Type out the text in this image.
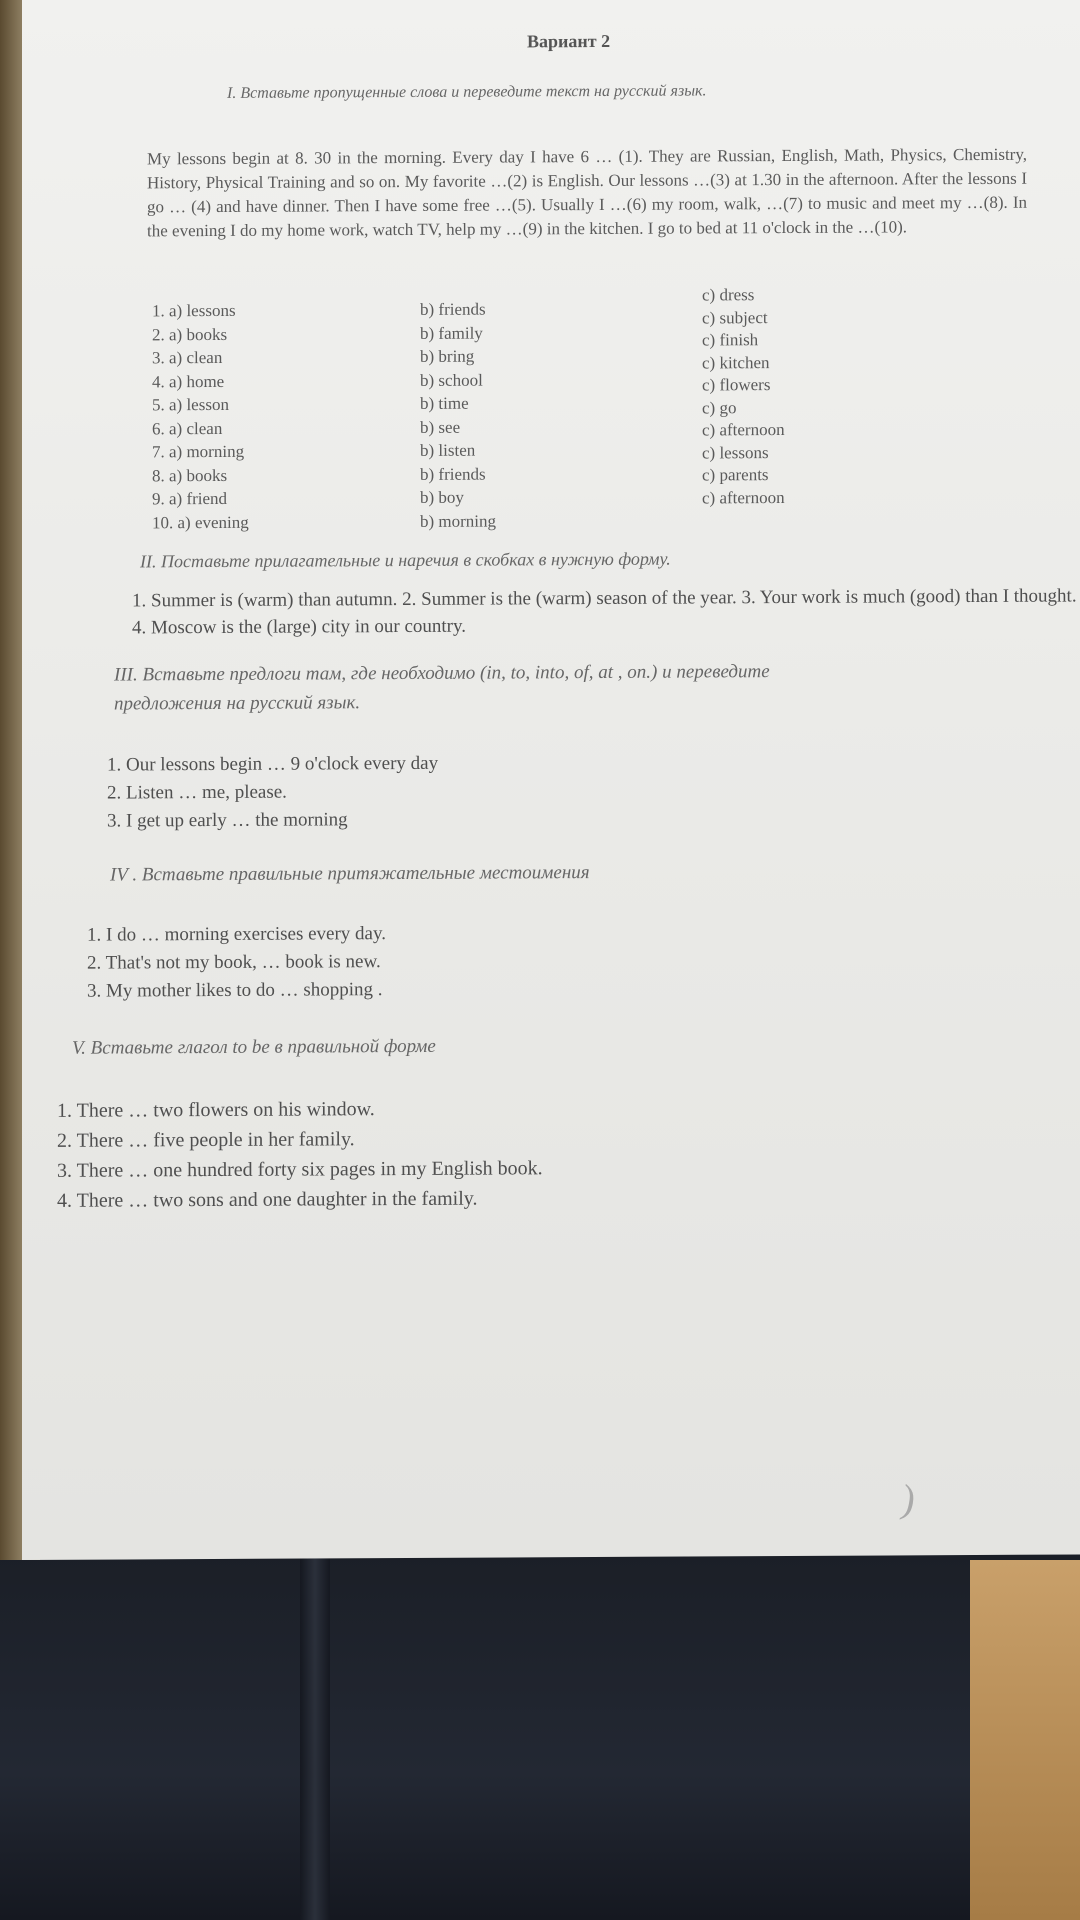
Вариант 2
I. Вставьте пропущенные слова и переведите текст на русский язык.
My lessons begin at 8. 30 in the morning. Every day I have 6 … (1). They are Russian, English, Math, Physics, Chemistry, History, Physical Training and so on. My favorite …(2) is English. Our lessons …(3) at 1.30 in the afternoon. After the lessons I go … (4) and have dinner. Then I have some free …(5). Usually I …(6) my room, walk, …(7) to music and meet my …(8). In the evening I do my home work, watch TV, help my …(9) in the kitchen. I go to bed at 11 o'clock in the …(10).
1. a) lessons
2. a) books
3. a) clean
4. a) home
5. a) lesson
6. a) clean
7. a) morning
8. a) books
9. a) friend
10. a) evening
b) friends
b) family
b) bring
b) school
b) time
b) see
b) listen
b) friends
b) boy
b) morning
c) dress
c) subject
c) finish
c) kitchen
c) flowers
c) go
c) afternoon
c) lessons
c) parents
c) afternoon
II. Поставьте прилагательные и наречия в скобках в нужную форму.
1. Summer is (warm) than autumn. 2. Summer is the (warm) season of the year. 3. Your work is much (good) than I thought. 4. Moscow is the (large) city in our country.
III. Вставьте предлоги там, где необходимо (in, to, into, of, at , on.) и переведите
предложения на русский язык.
1. Our lessons begin … 9 o'clock every day
2. Listen … me, please.
3. I get up early … the morning
IV . Вставьте правильные притяжательные местоимения
1. I do … morning exercises every day.
2. That's not my book, … book is new.
3. My mother likes to do … shopping .
V. Вставьте глагол to be в правильной форме
1. There … two flowers on his window.
2. There … five people in her family.
3. There … one hundred forty six pages in my English book.
4. There … two sons and one daughter in the family.
)
